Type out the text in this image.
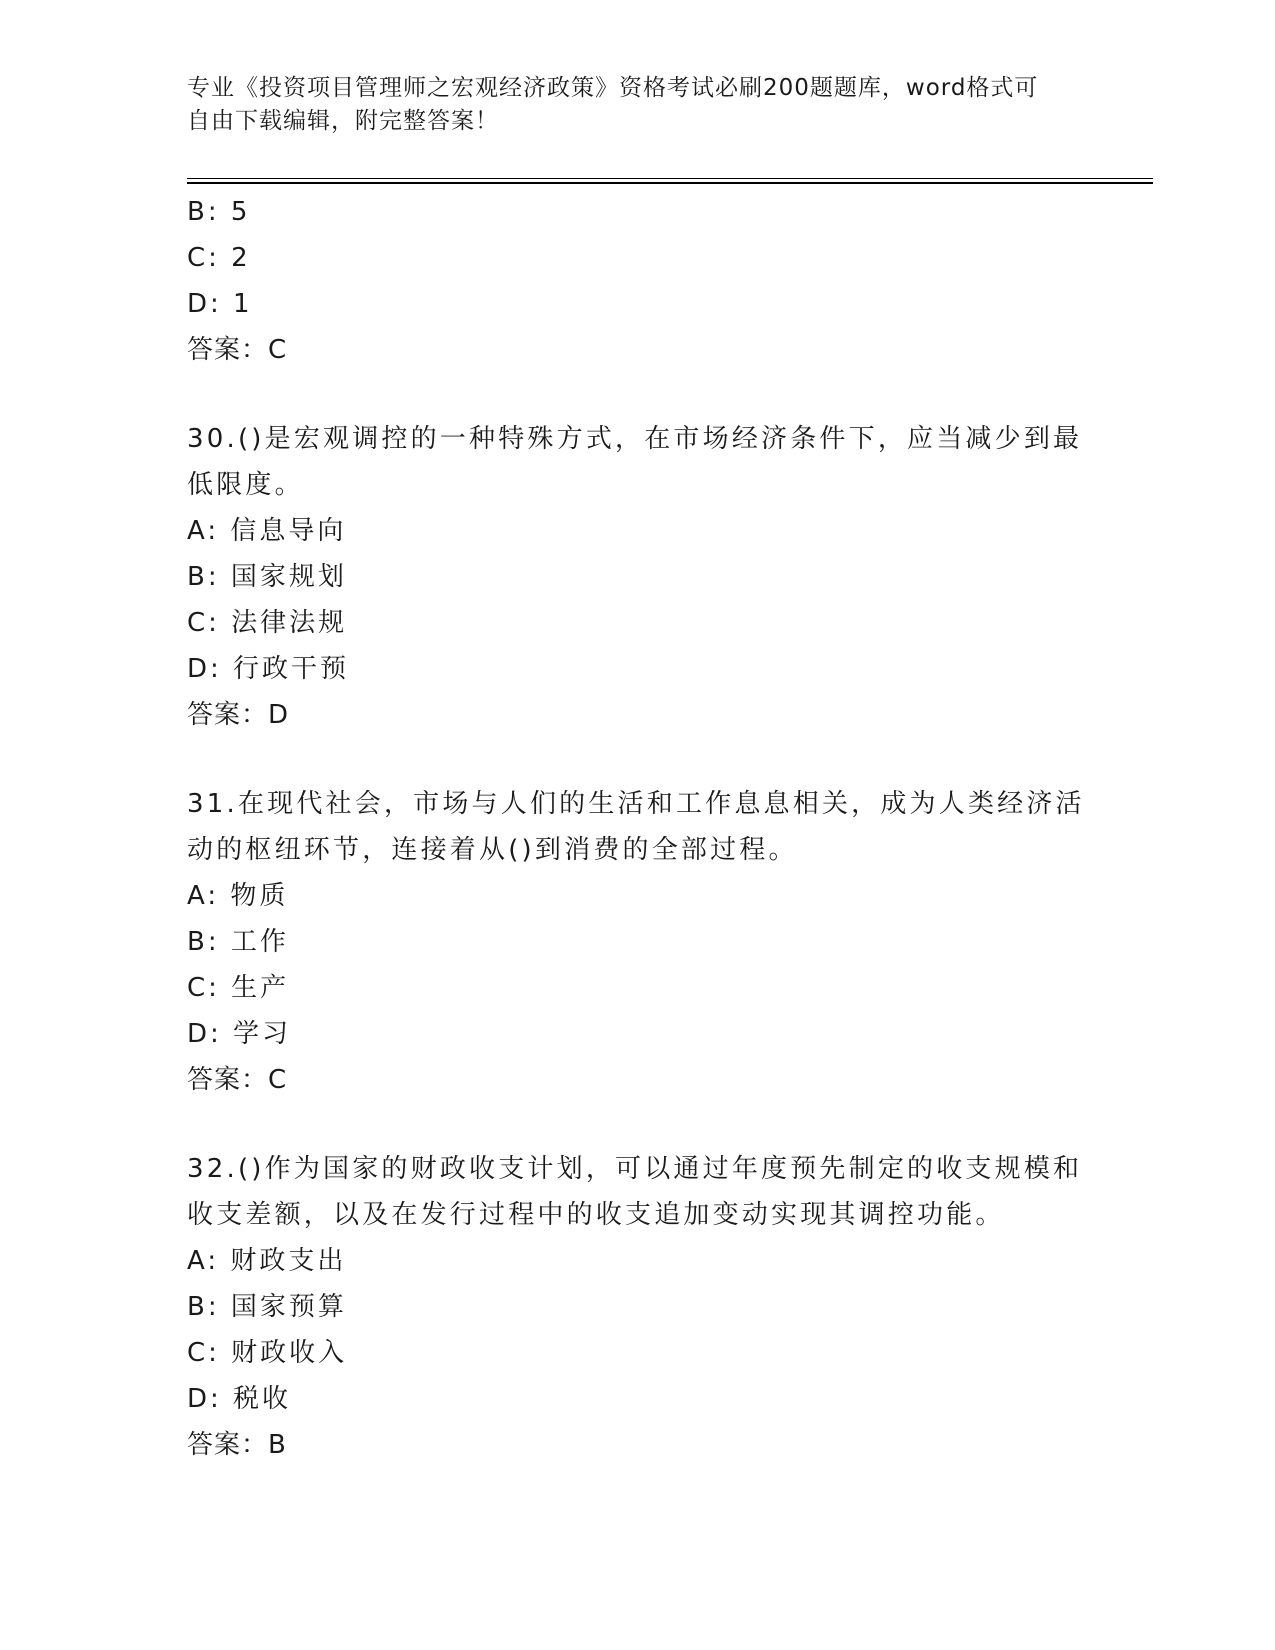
专业《投资项目管理师之宏观经济政策》资格考试必刷200题题库，word格式可
自由下载编辑，附完整答案！
B: 5
C: 2
D: 1
答案：C
30.()是宏观调控的一种特殊方式，在市场经济条件下，应当减少到最
低限度。
A: 信息导向
B: 国家规划
C: 法律法规
D: 行政干预
答案：D
31.在现代社会，市场与人们的生活和工作息息相关，成为人类经济活
动的枢纽环节，连接着从()到消费的全部过程。
A: 物质
B: 工作
C: 生产
D: 学习
答案：C
32.()作为国家的财政收支计划，可以通过年度预先制定的收支规模和
收支差额，以及在发行过程中的收支追加变动实现其调控功能。
A: 财政支出
B: 国家预算
C: 财政收入
D: 税收
答案：B
